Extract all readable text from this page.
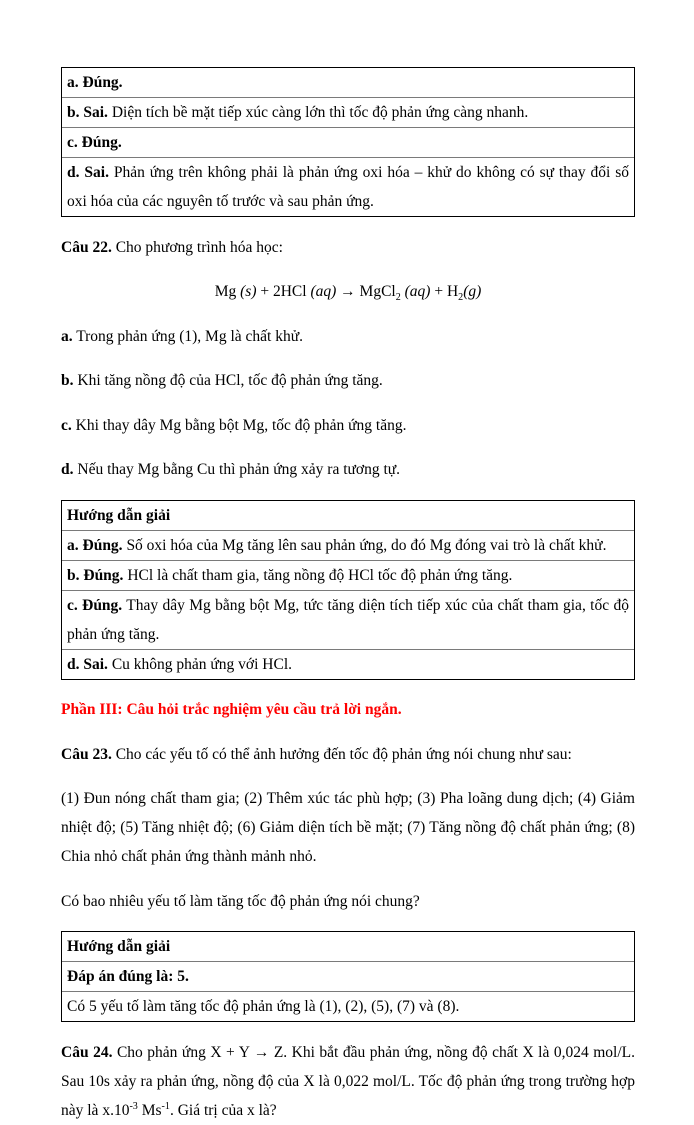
a. Đúng.
b. Sai. Diện tích bề mặt tiếp xúc càng lớn thì tốc độ phản ứng càng nhanh.
c. Đúng.
d. Sai. Phản ứng trên không phải là phản ứng oxi hóa – khử do không có sự thay đổi số oxi hóa của các nguyên tố trước và sau phản ứng.

Câu 22. Cho phương trình hóa học:

Mg (s) + 2HCl (aq) → MgCl$_2$ $(aq) + H_2(g)$

a. Trong phản ứng (1), Mg là chất khử.

b. Khi tăng nồng độ của HCl, tốc độ phản ứng tăng.

c. Khi thay dây Mg bằng bột Mg, tốc độ phản ứng tăng.

d. Nếu thay Mg bằng Cu thì phản ứng xảy ra tương tự.

Hướng dẫn giải
a. Đúng. Số oxi hóa của Mg tăng lên sau phản ứng, do đó Mg đóng vai trò là chất khử.
b. Đúng. HCl là chất tham gia, tăng nồng độ HCl tốc độ phản ứng tăng.
c. Đúng. Thay dây Mg bằng bột Mg, tức tăng diện tích tiếp xúc của chất tham gia, tốc độ phản ứng tăng.
d. Sai. Cu không phản ứng với HCl.

Phần III: Câu hỏi trắc nghiệm yêu cầu trả lời ngắn.

Câu 23. Cho các yếu tố có thể ảnh hưởng đến tốc độ phản ứng nói chung như sau:

(1) Đun nóng chất tham gia; (2) Thêm xúc tác phù hợp; (3) Pha loãng dung dịch; (4) Giảm nhiệt độ; (5) Tăng nhiệt độ; (6) Giảm diện tích bề mặt; (7) Tăng nồng độ chất phản ứng; (8) Chia nhỏ chất phản ứng thành mảnh nhỏ.

Có bao nhiêu yếu tố làm tăng tốc độ phản ứng nói chung?

Hướng dẫn giải
Đáp án đúng là: 5.
Có 5 yếu tố làm tăng tốc độ phản ứng là (1), (2), (5), (7) và (8).

Câu 24. Cho phản ứng X + Y → Z. Khi bắt đầu phản ứng, nồng độ chất X là 0,024 mol/L. Sau 10s xảy ra phản ứng, nồng độ của X là 0,022 mol/L. Tốc độ phản ứng trong trường hợp này là $x.10^{-3}$ $Ms^{-1}$. Giá trị của x là?
